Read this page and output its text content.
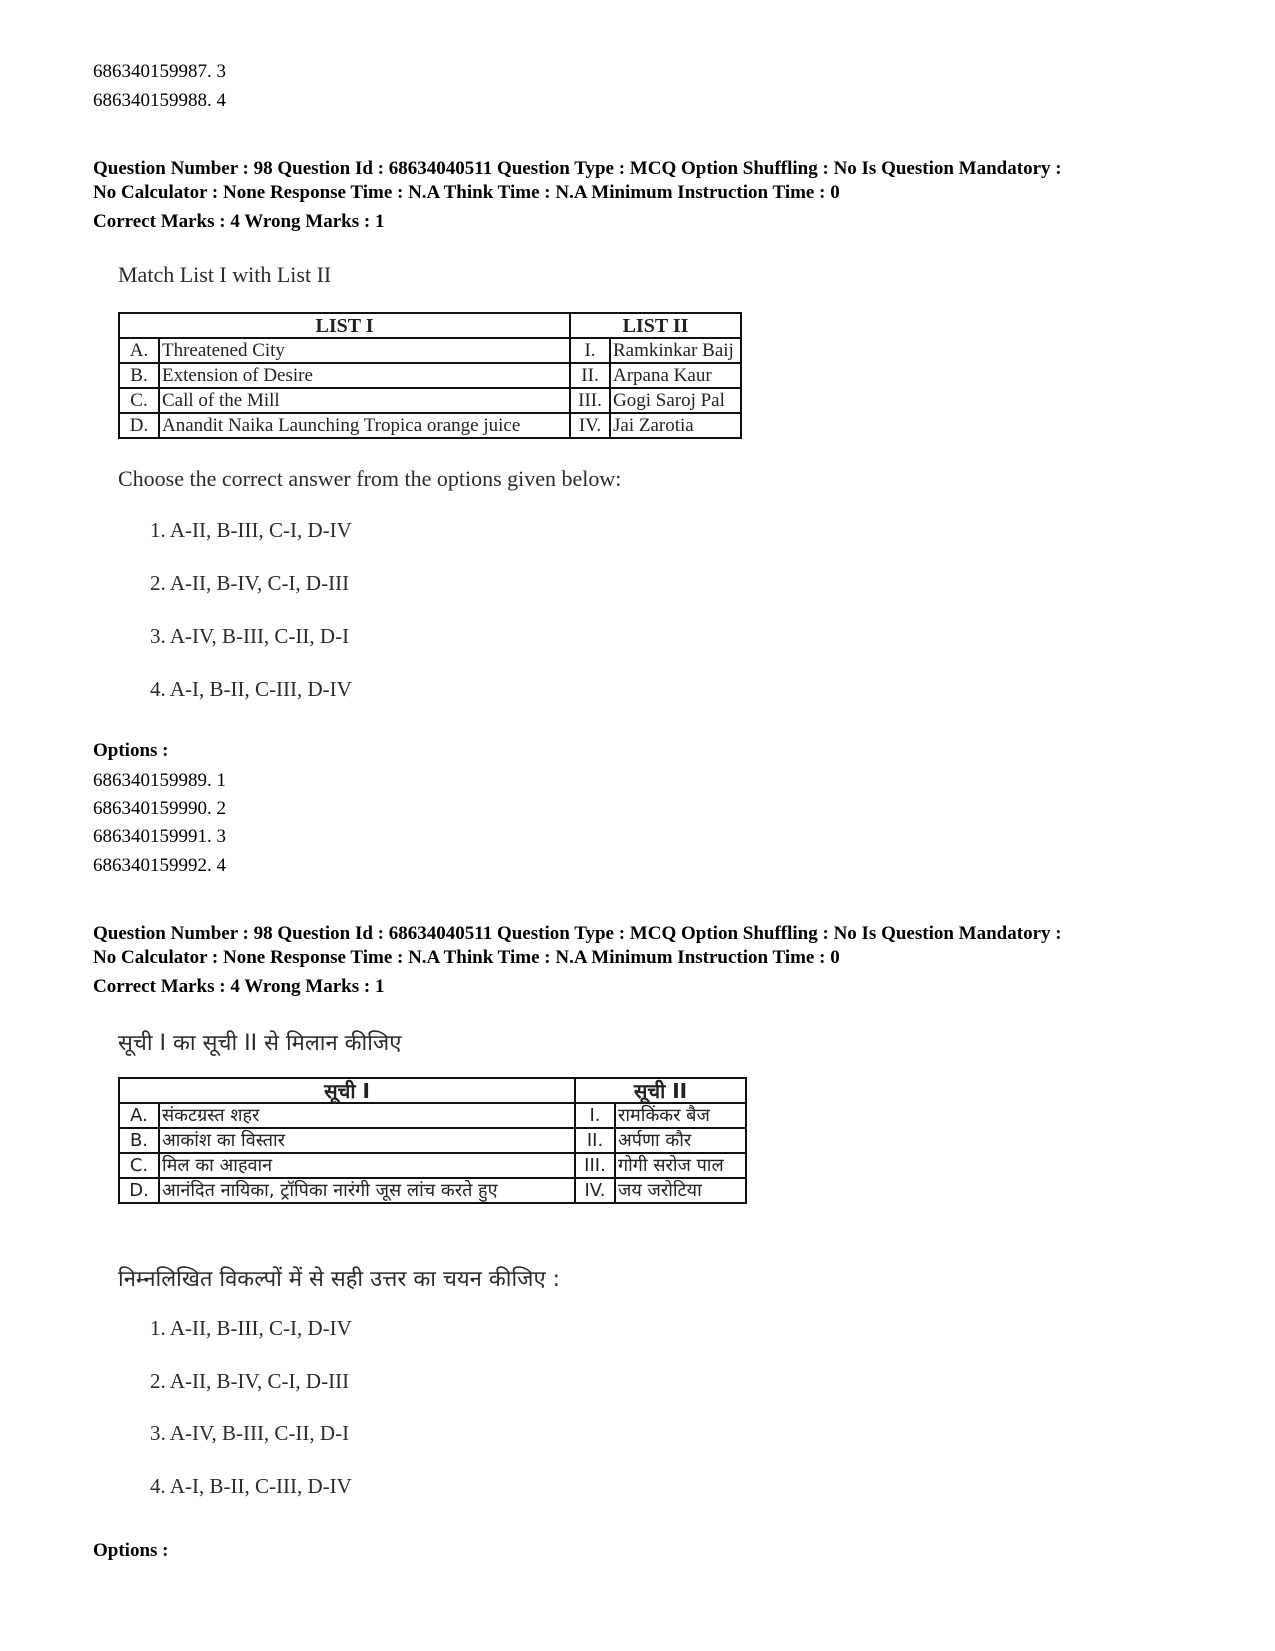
686340159987. 3
686340159988. 4
Question Number : 98 Question Id : 68634040511 Question Type : MCQ Option Shuffling : No Is Question Mandatory :
No Calculator : None Response Time : N.A Think Time : N.A Minimum Instruction Time : 0
Correct Marks : 4 Wrong Marks : 1
Match List I with List II
LIST I		LIST II	
A.	Threatened City	I.	Ramkinkar Baij
B.	Extension of Desire	II.	Arpana Kaur
C.	Call of the Mill	III.	Gogi Saroj Pal
D.	Anandit Naika Launching Tropica orange juice	IV.	Jai Zarotia
Choose the correct answer from the options given below:
1. A-II, B-III, C-I, D-IV
2. A-II, B-IV, C-I, D-III
3. A-IV, B-III, C-II, D-I
4. A-I, B-II, C-III, D-IV
Options :
686340159989. 1
686340159990. 2
686340159991. 3
686340159992. 4
Question Number : 98 Question Id : 68634040511 Question Type : MCQ Option Shuffling : No Is Question Mandatory :
No Calculator : None Response Time : N.A Think Time : N.A Minimum Instruction Time : 0
Correct Marks : 4 Wrong Marks : 1
सूची I का सूची II से मिलान कीजिए
सूची I		सूची II	
A.	संकटग्रस्त शहर	I.	रामकिंकर बैज
B.	आकांश का विस्तार	II.	अर्पणा कौर
C.	मिल का आहवान	III.	गोगी सरोज पाल
D.	आनंदित नायिका, ट्रॉपिका नारंगी जूस लांच करते हुए	IV.	जय जरोटिया
निम्नलिखित विकल्पों में से सही उत्तर का चयन कीजिए :
1. A-II, B-III, C-I, D-IV
2. A-II, B-IV, C-I, D-III
3. A-IV, B-III, C-II, D-I
4. A-I, B-II, C-III, D-IV
Options :
